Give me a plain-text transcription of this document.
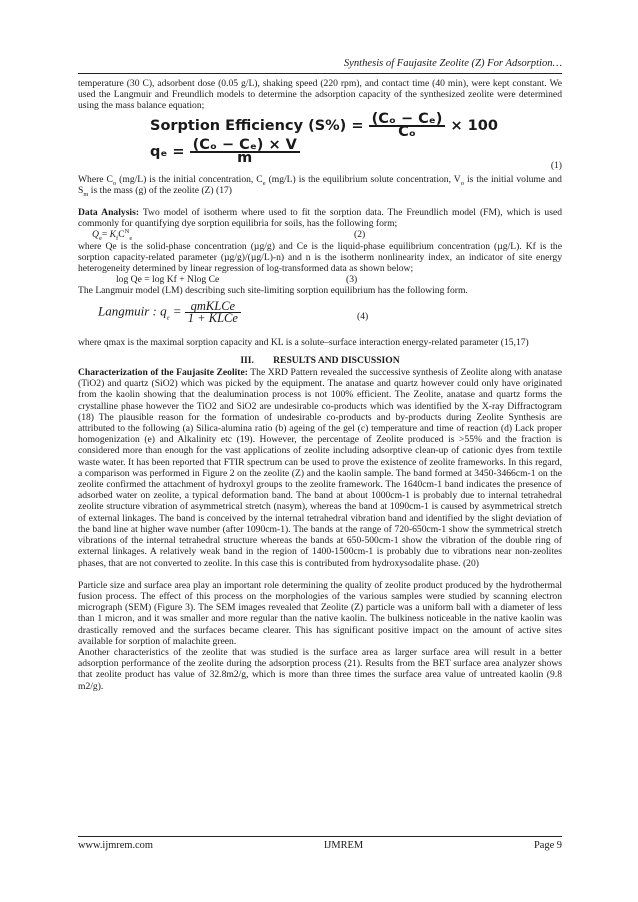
Synthesis of Faujasite Zeolite (Z) For Adsorption…

temperature (30 C), adsorbent dose (0.05 g/L), shaking speed (220 rpm), and contact time (40 min), were kept constant. We used the Langmuir and Freundlich models to determine the adsorption capacity of the synthesized zeolite were determined using the mass balance equation;

Sorption Efficiency $(S\%) = \frac{\text{(Cₒ − Cₑ)}}{\text{Cₒ}} \times 100$
$q_e = \frac{\text{(Cₒ − Cₑ) × V}}{m}$
(1)

Where $C_o$ (mg/L) is the initial concentration, $C_e$ (mg/L) is the equilibrium solute concentration, $V_o$ is the initial volume and $S_m$ is the mass (g) of the zeolite (Z) (17)

Data Analysis: Two model of isotherm where used to fit the sorption data. The Freundlich model (FM), which is used commonly for quantifying dye sorption equilibria for soils, has the following form;

$Q_e= K_fC^N_e$	(2)

where Qe is the solid-phase concentration (µg/g) and Ce is the liquid-phase equilibrium concentration (µg/L). Kf is the sorption capacity-related parameter (µg/g)/(µg/L)-n) and n is the isotherm nonlinearity index, an indicator of site energy heterogeneity determined by linear regression of log-transformed data as shown below;

log Qe = log Kf + Nlog Ce	(3)

The Langmuir model (LM) describing such site-limiting sorption equilibrium has the following form.

Langmuir : $q_e = \frac{\text{qmKLCe}}{\text{1 + KLCe}}$	(4)

where qmax is the maximal sorption capacity and KL is a solute–surface interaction energy-related parameter (15,17)

III.  RESULTS AND DISCUSSION

Characterization of the Faujasite Zeolite: The XRD Pattern revealed the successive synthesis of Zeolite along with anatase (TiO2) and quartz (SiO2) which was picked by the equipment. The anatase and quartz however could only have originated from the kaolin showing that the dealumination process is not 100% efficient. The Zeolite, anatase and quartz forms the crystalline phase however the TiO2 and SiO2 are undesirable co-products which was identified by the X-ray Diffractogram (18) The plausible reason for the formation of undesirable co-products and by-products during Zeolite Synthesis are attributed to the following (a) Silica-alumina ratio (b) ageing of the gel (c) temperature and time of reaction (d) Lack proper homogenization (e) and Alkalinity etc (19). However, the percentage of Zeolite produced is >55% and the fraction is considered more than enough for the vast applications of zeolite including adsorptive clean-up of cationic dyes from textile waste water. It has been reported that FTIR spectrum can be used to prove the existence of zeolite frameworks. In this regard, a comparison was performed in Figure 2 on the zeolite (Z) and the kaolin sample. The band formed at 3450-3466cm-1 on the zeolite confirmed the attachment of hydroxyl groups to the zeolite framework. The 1640cm-1 band indicates the presence of adsorbed water on zeolite, a typical deformation band. The band at about 1000cm-1 is probably due to internal tetrahedral zeolite structure vibration of asymmetrical stretch (nasym), whereas the band at 1090cm-1 is caused by asymmetrical stretch of external linkages. The band is conceived by the internal tetrahedral vibration band and identified by the slight deviation of the band line at higher wave number (after 1090cm-1). The bands at the range of 720-650cm-1 show the symmetrical stretch vibrations of the internal tetrahedral structure whereas the bands at 650-500cm-1 show the vibration of the double ring of external linkages. A relatively weak band in the region of 1400-1500cm-1 is probably due to vibrations near non-zeolites phases, that are not converted to zeolite. In this case this is contributed from hydroxysodalite phase. (20)

Particle size and surface area play an important role determining the quality of zeolite product produced by the hydrothermal fusion process. The effect of this process on the morphologies of the various samples were studied by scanning electron micrograph (SEM) (Figure 3). The SEM images revealed that Zeolite (Z) particle was a uniform ball with a diameter of less than 1 micron, and it was smaller and more regular than the native kaolin. The bulkiness noticeable in the native kaolin was drastically removed and the surfaces became clearer. This has significant positive impact on the amount of active sites available for sorption of malachite green.

Another characteristics of the zeolite that was studied is the surface area as larger surface area will result in a better adsorption performance of the zeolite during the adsorption process (21). Results from the BET surface area analyzer shows that zeolite product has value of 32.8m2/g, which is more than three times the surface area value of untreated kaolin (9.8 m2/g).

www.ijmrem.com	IJMREM	Page 9
